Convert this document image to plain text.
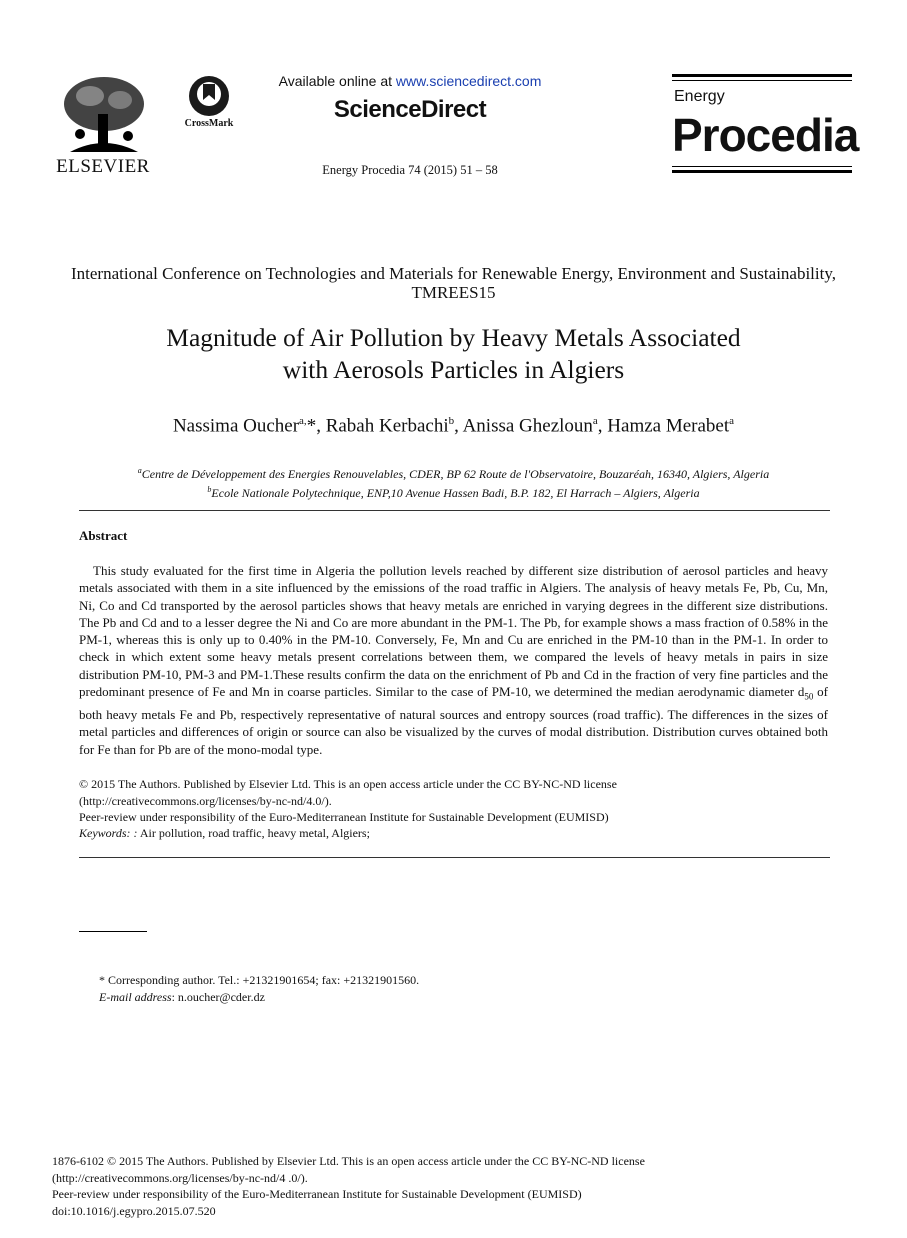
ELSEVIER
CrossMark
Available online at www.sciencedirect.com
ScienceDirect
Energy Procedia 74 (2015) 51 – 58
Energy
Procedia
International Conference on Technologies and Materials for Renewable Energy, Environment and Sustainability, TMREES15
Magnitude of Air Pollution by Heavy Metals Associated
with Aerosols Particles in Algiers
Nassima Oucher$^{a,}$*, Rabah Kerbachi$^b$, Anissa Ghezloun$^a$, Hamza Merabet$^a$
$^a$Centre de Développement des Energies Renouvelables, CDER, BP 62 Route de l'Observatoire, Bouzaréah, 16340, Algiers, Algeria
$^b$Ecole Nationale Polytechnique, ENP,10 Avenue Hassen Badi, B.P. 182, El Harrach – Algiers, Algeria
Abstract
This study evaluated for the first time in Algeria the pollution levels reached by different size distribution of aerosol particles and heavy metals associated with them in a site influenced by the emissions of the road traffic in Algiers. The analysis of heavy metals Fe, Pb, Cu, Mn, Ni, Co and Cd transported by the aerosol particles shows that heavy metals are enriched in varying degrees in the different size distributions. The Pb and Cd and to a lesser degree the Ni and Co are more abundant in the PM-1. The Pb, for example shows a mass fraction of 0.58% in the PM-1, whereas this is only up to 0.40% in the PM-10. Conversely, Fe, Mn and Cu are enriched in the PM-10 than in the PM-1. In order to check in which extent some heavy metals present correlations between them, we compared the levels of heavy metals in pairs in size distribution PM-10, PM-3 and PM-1.These results confirm the data on the enrichment of Pb and Cd in the fraction of very fine particles and the predominant presence of Fe and Mn in coarse particles. Similar to the case of PM-10, we determined the median aerodynamic diameter $d_{50}$ of both heavy metals Fe and Pb, respectively representative of natural sources and entropy sources (road traffic). The differences in the sizes of metal particles and differences of origin or source can also be visualized by the curves of modal distribution. Distribution curves obtained both for Fe than for Pb are of the mono-modal type.
© 2015 The Authors. Published by Elsevier Ltd. This is an open access article under the CC BY-NC-ND license
(http://creativecommons.org/licenses/by-nc-nd/4.0/).
Peer-review under responsibility of the Euro-Mediterranean Institute for Sustainable Development (EUMISD)
Keywords: : Air pollution, road traffic, heavy metal, Algiers;
* Corresponding author. Tel.: +21321901654; fax: +21321901560.
E-mail address: n.oucher@cder.dz
1876-6102 © 2015 The Authors. Published by Elsevier Ltd. This is an open access article under the CC BY-NC-ND license
(http://creativecommons.org/licenses/by-nc-nd/4 .0/).
Peer-review under responsibility of the Euro-Mediterranean Institute for Sustainable Development (EUMISD)
doi:10.1016/j.egypro.2015.07.520
